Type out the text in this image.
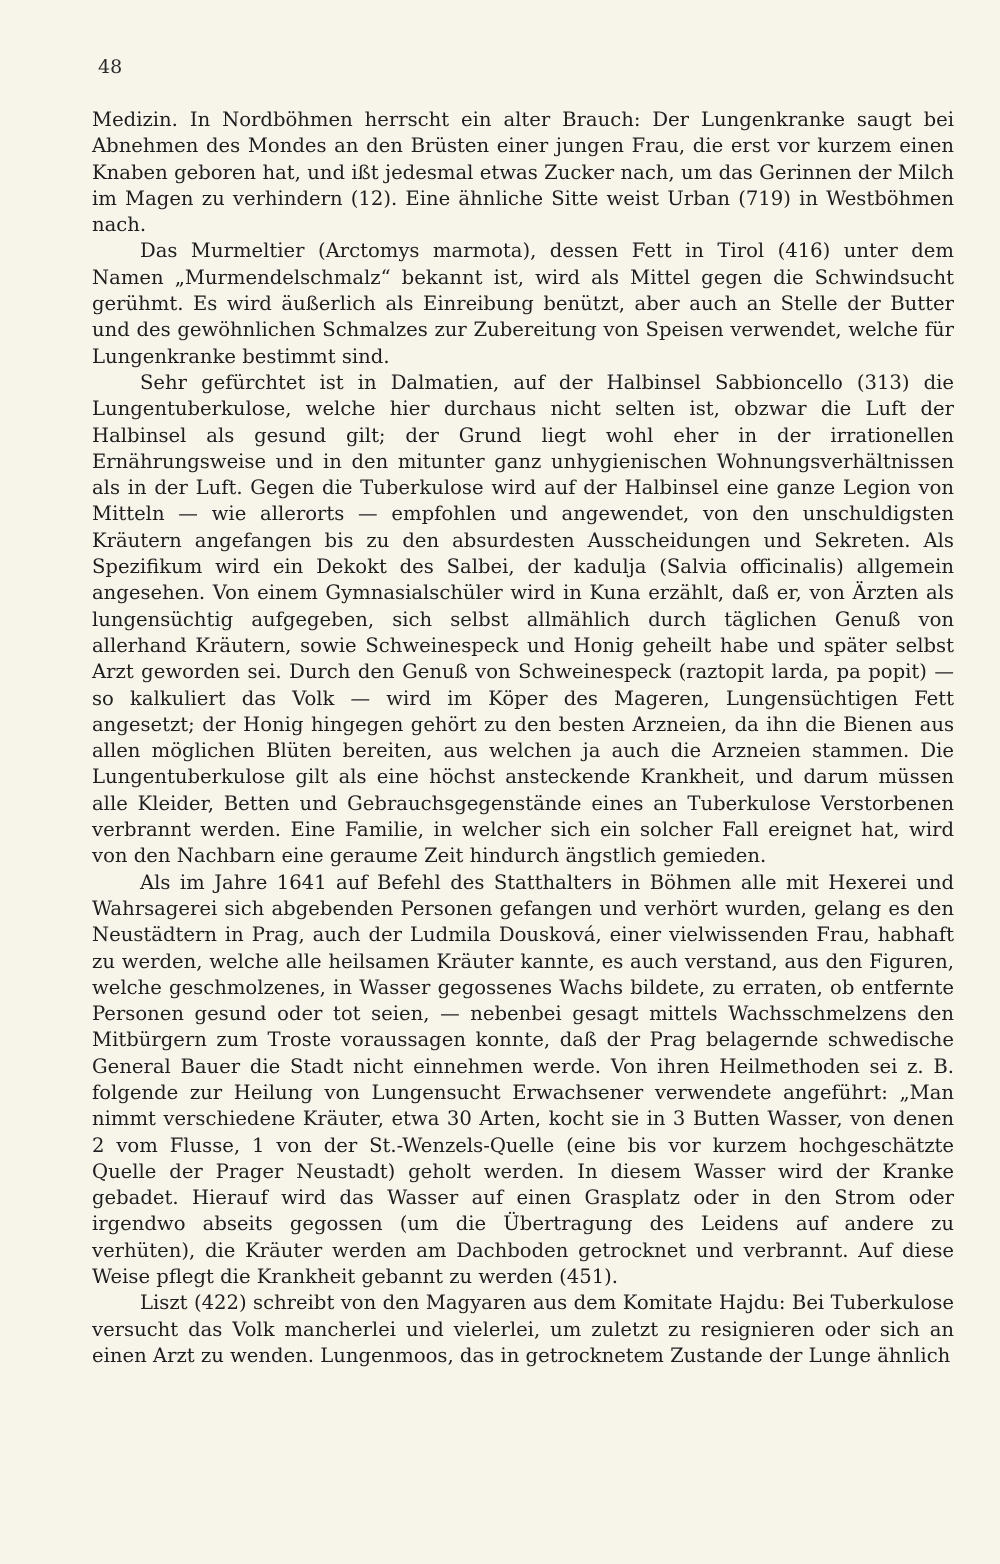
48

Medizin. In Nordböhmen herrscht ein alter Brauch: Der Lungenkranke saugt bei Abnehmen des Mondes an den Brüsten einer jungen Frau, die erst vor kurzem einen Knaben geboren hat, und ißt jedesmal etwas Zucker nach, um das Gerinnen der Milch im Magen zu verhindern (12). Eine ähnliche Sitte weist Urban (719) in Westböhmen nach.

Das Murmeltier (Arctomys marmota), dessen Fett in Tirol (416) unter dem Namen „Murmendelschmalz“ bekannt ist, wird als Mittel gegen die Schwindsucht gerühmt. Es wird äußerlich als Einreibung benützt, aber auch an Stelle der Butter und des gewöhnlichen Schmalzes zur Zubereitung von Speisen verwendet, welche für Lungenkranke bestimmt sind.

Sehr gefürchtet ist in Dalmatien, auf der Halbinsel Sabbioncello (313) die Lungentuberkulose, welche hier durchaus nicht selten ist, obzwar die Luft der Halbinsel als gesund gilt; der Grund liegt wohl eher in der irrationellen Ernährungsweise und in den mitunter ganz unhygienischen Wohnungsverhältnissen als in der Luft. Gegen die Tuberkulose wird auf der Halbinsel eine ganze Legion von Mitteln — wie allerorts — empfohlen und angewendet, von den unschuldigsten Kräutern angefangen bis zu den absurdesten Ausscheidungen und Sekreten. Als Spezifikum wird ein Dekokt des Salbei, der kadulja (Salvia officinalis) allgemein angesehen. Von einem Gymnasialschüler wird in Kuna erzählt, daß er, von Ärzten als lungensüchtig aufgegeben, sich selbst allmählich durch täglichen Genuß von allerhand Kräutern, sowie Schweinespeck und Honig geheilt habe und später selbst Arzt geworden sei. Durch den Genuß von Schweinespeck (raztopit larda, pa popit) — so kalkuliert das Volk — wird im Köper des Mageren, Lungensüchtigen Fett angesetzt; der Honig hingegen gehört zu den besten Arzneien, da ihn die Bienen aus allen möglichen Blüten bereiten, aus welchen ja auch die Arzneien stammen. Die Lungentuberkulose gilt als eine höchst ansteckende Krankheit, und darum müssen alle Kleider, Betten und Gebrauchsgegenstände eines an Tuberkulose Verstorbenen verbrannt werden. Eine Familie, in welcher sich ein solcher Fall ereignet hat, wird von den Nachbarn eine geraume Zeit hindurch ängstlich gemieden.

Als im Jahre 1641 auf Befehl des Statthalters in Böhmen alle mit Hexerei und Wahrsagerei sich abgebenden Personen gefangen und verhört wurden, gelang es den Neustädtern in Prag, auch der Ludmila Dousková, einer vielwissenden Frau, habhaft zu werden, welche alle heilsamen Kräuter kannte, es auch verstand, aus den Figuren, welche geschmolzenes, in Wasser gegossenes Wachs bildete, zu erraten, ob entfernte Personen gesund oder tot seien, — nebenbei gesagt mittels Wachsschmelzens den Mitbürgern zum Troste voraussagen konnte, daß der Prag belagernde schwedische General Bauer die Stadt nicht einnehmen werde. Von ihren Heilmethoden sei z. B. folgende zur Heilung von Lungensucht Erwachsener verwendete angeführt: „Man nimmt verschiedene Kräuter, etwa 30 Arten, kocht sie in 3 Butten Wasser, von denen 2 vom Flusse, 1 von der St.-Wenzels-Quelle (eine bis vor kurzem hochgeschätzte Quelle der Prager Neustadt) geholt werden. In diesem Wasser wird der Kranke gebadet. Hierauf wird das Wasser auf einen Grasplatz oder in den Strom oder irgendwo abseits gegossen (um die Übertragung des Leidens auf andere zu verhüten), die Kräuter werden am Dachboden getrocknet und verbrannt. Auf diese Weise pflegt die Krankheit gebannt zu werden (451).

Liszt (422) schreibt von den Magyaren aus dem Komitate Hajdu: Bei Tuberkulose versucht das Volk mancherlei und vielerlei, um zuletzt zu resignieren oder sich an einen Arzt zu wenden. Lungenmoos, das in getrocknetem Zustande der Lunge ähnlich
